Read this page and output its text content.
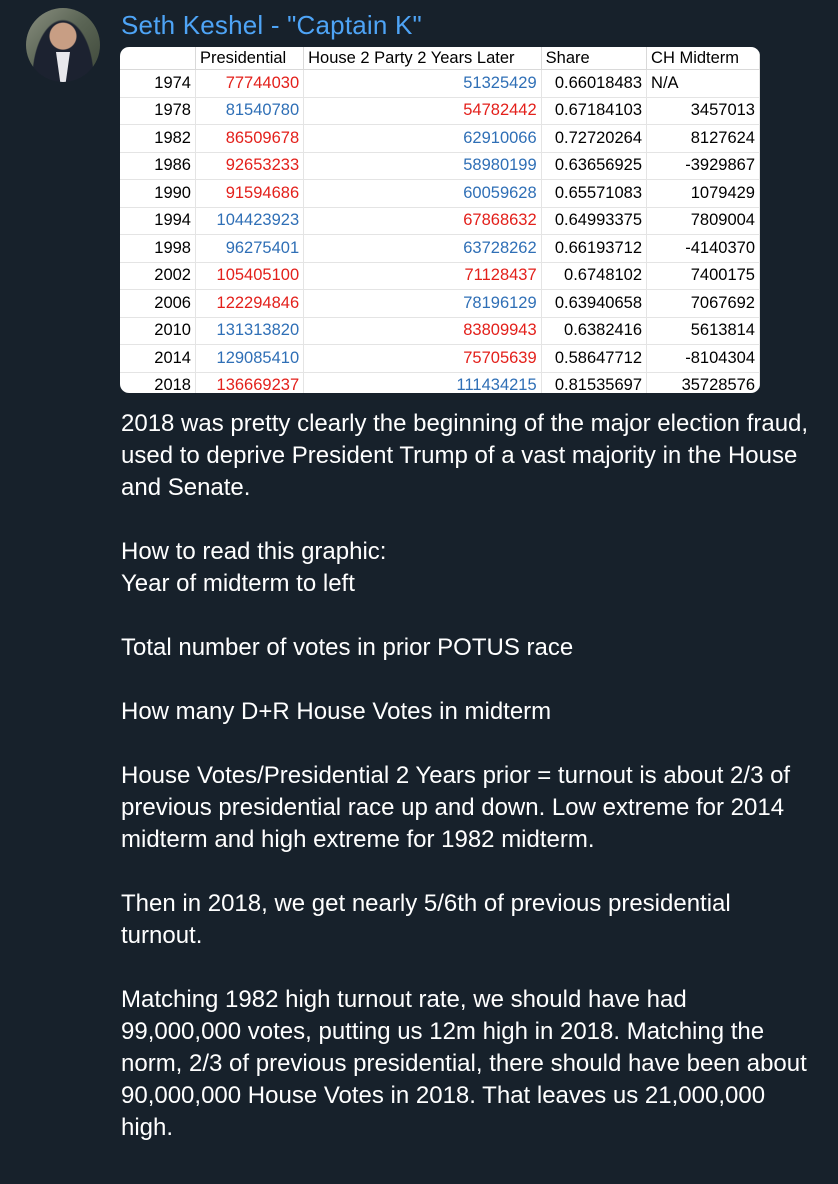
Seth Keshel - "Captain K"
	Presidential	House 2 Party 2 Years Later	Share	CH Midterm
1974	77744030	51325429	0.66018483	N/A
1978	81540780	54782442	0.67184103	3457013
1982	86509678	62910066	0.72720264	8127624
1986	92653233	58980199	0.63656925	-3929867
1990	91594686	60059628	0.65571083	1079429
1994	104423923	67868632	0.64993375	7809004
1998	96275401	63728262	0.66193712	-4140370
2002	105405100	71128437	0.6748102	7400175
2006	122294846	78196129	0.63940658	7067692
2010	131313820	83809943	0.6382416	5613814
2014	129085410	75705639	0.58647712	-8104304
2018	136669237	111434215	0.81535697	35728576

2018 was pretty clearly the beginning of the major election fraud, used to deprive President Trump of a vast majority in the House and Senate.

How to read this graphic:

Year of midterm to left

Total number of votes in prior POTUS race

How many D+R House Votes in midterm

House Votes/Presidential 2 Years prior = turnout is about 2/3 of previous presidential race up and down. Low extreme for 2014 midterm and high extreme for 1982 midterm.

Then in 2018, we get nearly 5/6th of previous presidential turnout.

Matching 1982 high turnout rate, we should have had 99,000,000 votes, putting us 12m high in 2018. Matching the norm, 2/3 of previous presidential, there should have been about 90,000,000 House Votes in 2018. That leaves us 21,000,000 high.
